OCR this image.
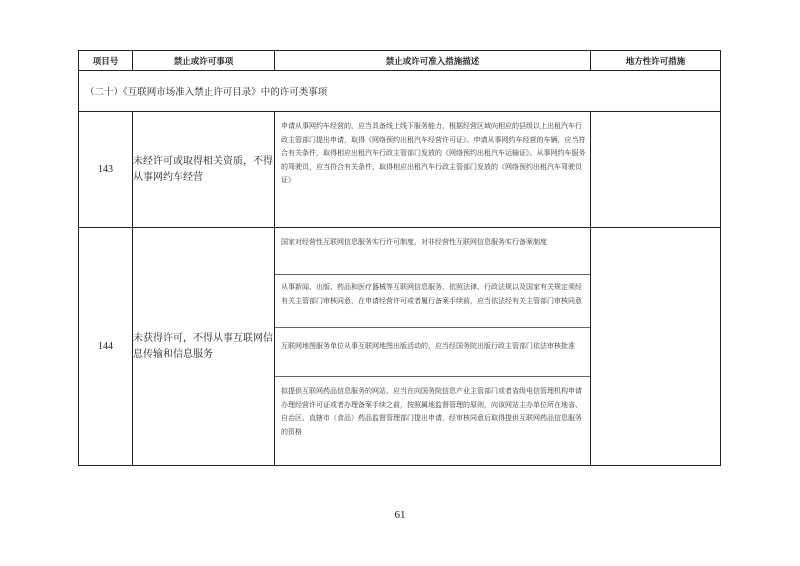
项目号	禁止或许可事项	禁止或许可准入措施描述	地方性许可措施
（二十）《互联网市场准入禁止许可目录》中的许可类事项			
143	未经许可或取得相关资质，不得从事网约车经营	申请从事网约车经营的，应当具备线上线下服务能力，根据经营区域向相应的县级以上出租汽车行政主管部门提出申请，取得《网络预约出租汽车经营许可证》。申请从事网约车经营的车辆，应当符合有关条件，取得相应出租汽车行政主管部门发放的《网络预约出租汽车运输证》。从事网约车服务的驾驶员，应当符合有关条件，取得相应出租汽车行政主管部门发放的《网络预约出租汽车驾驶员证》	

144	未获得许可，不得从事互联网信息传输和信息服务	国家对经营性互联网信息服务实行许可制度，对非经营性互联网信息服务实行备案制度
从事新闻、出版、药品和医疗器械等互联网信息服务，依照法律、行政法规以及国家有关规定须经有关主管部门审核同意，在申请经营许可或者履行备案手续前，应当依法经有关主管部门审核同意
互联网地图服务单位从事互联网地图出版活动的，应当经国务院出版行政主管部门依法审核批准
拟提供互联网药品信息服务的网站，应当在向国务院信息产业主管部门或者省级电信管理机构申请办理经营许可证或者办理备案手续之前，按照属地监督管理的原则，向该网站主办单位所在地省、自治区、直辖市（食品）药品监督管理部门提出申请，经审核同意后取得提供互联网药品信息服务的资格	

61
